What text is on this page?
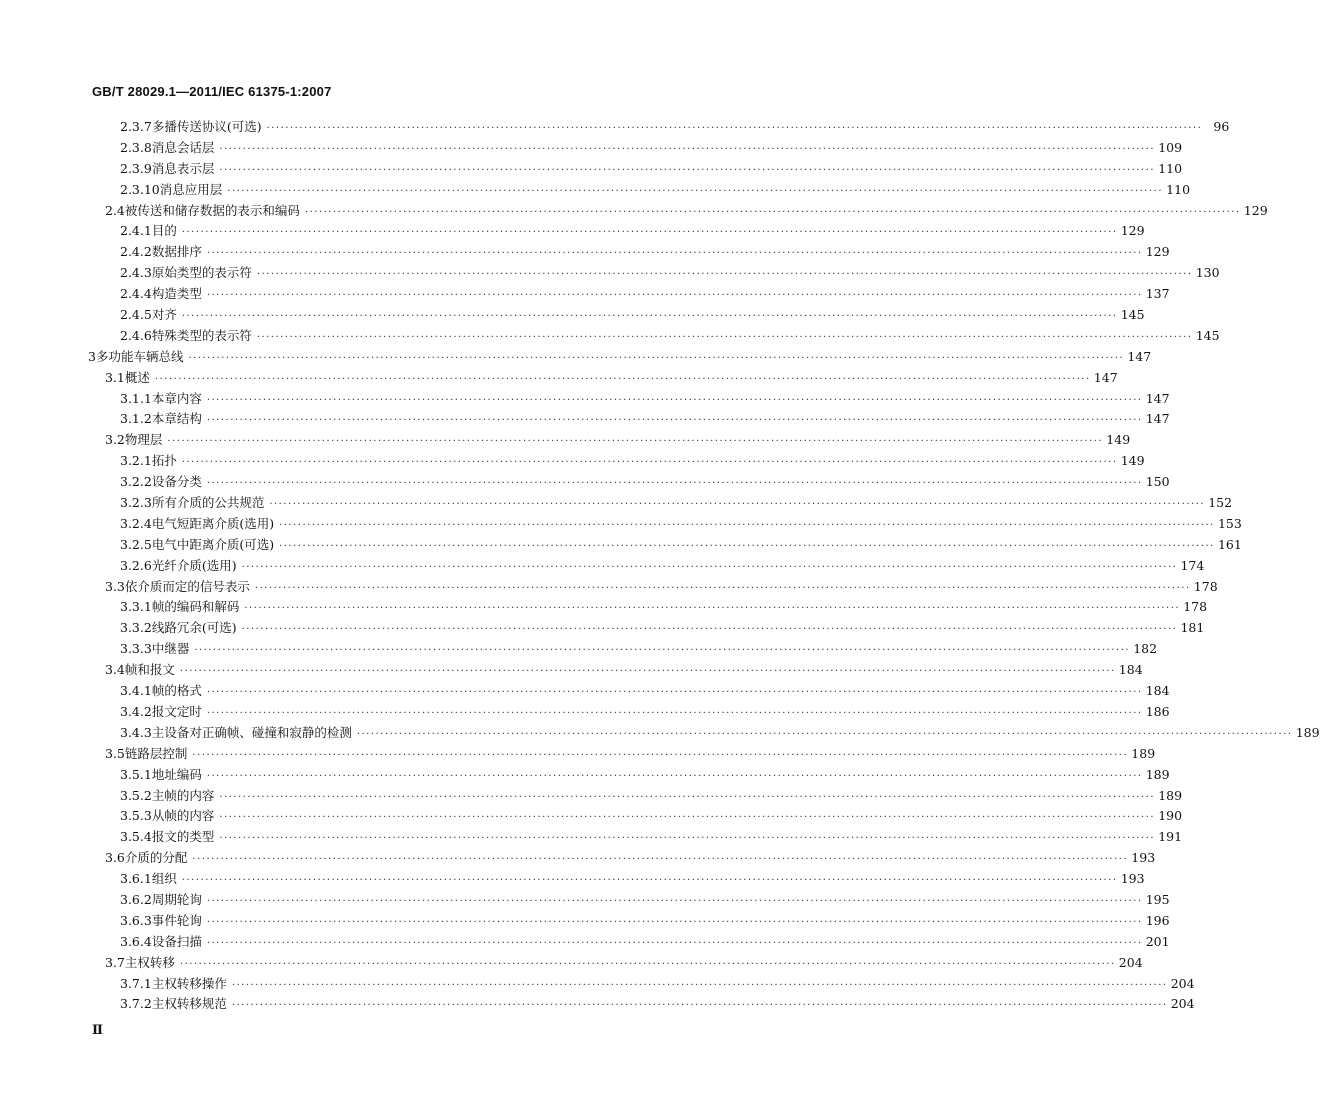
GB/T 28029.1—2011/IEC 61375-1:2007
2.3.7 多播传送协议(可选) ········································································································································································································ 96
2.3.8 消息会话层 ········································································································································································································ 109
2.3.9 消息表示层 ········································································································································································································ 110
2.3.10 消息应用层 ········································································································································································································ 110
2.4 被传送和储存数据的表示和编码 ········································································································································································································ 129
2.4.1 目的 ········································································································································································································ 129
2.4.2 数据排序 ········································································································································································································ 129
2.4.3 原始类型的表示符 ········································································································································································································ 130
2.4.4 构造类型 ········································································································································································································ 137
2.4.5 对齐 ········································································································································································································ 145
2.4.6 特殊类型的表示符 ········································································································································································································ 145
3 多功能车辆总线 ········································································································································································································ 147
3.1 概述 ········································································································································································································ 147
3.1.1 本章内容 ········································································································································································································ 147
3.1.2 本章结构 ········································································································································································································ 147
3.2 物理层 ········································································································································································································ 149
3.2.1 拓扑 ········································································································································································································ 149
3.2.2 设备分类 ········································································································································································································ 150
3.2.3 所有介质的公共规范 ········································································································································································································ 152
3.2.4 电气短距离介质(选用) ········································································································································································································ 153
3.2.5 电气中距离介质(可选) ········································································································································································································ 161
3.2.6 光纤介质(选用) ········································································································································································································ 174
3.3 依介质而定的信号表示 ········································································································································································································ 178
3.3.1 帧的编码和解码 ········································································································································································································ 178
3.3.2 线路冗余(可选) ········································································································································································································ 181
3.3.3 中继器 ········································································································································································································ 182
3.4 帧和报文 ········································································································································································································ 184
3.4.1 帧的格式 ········································································································································································································ 184
3.4.2 报文定时 ········································································································································································································ 186
3.4.3 主设备对正确帧、碰撞和寂静的检测 ········································································································································································································ 189
3.5 链路层控制 ········································································································································································································ 189
3.5.1 地址编码 ········································································································································································································ 189
3.5.2 主帧的内容 ········································································································································································································ 189
3.5.3 从帧的内容 ········································································································································································································ 190
3.5.4 报文的类型 ········································································································································································································ 191
3.6 介质的分配 ········································································································································································································ 193
3.6.1 组织 ········································································································································································································ 193
3.6.2 周期轮询 ········································································································································································································ 195
3.6.3 事件轮询 ········································································································································································································ 196
3.6.4 设备扫描 ········································································································································································································ 201
3.7 主权转移 ········································································································································································································ 204
3.7.1 主权转移操作 ········································································································································································································ 204
3.7.2 主权转移规范 ········································································································································································································ 204
Ⅱ
